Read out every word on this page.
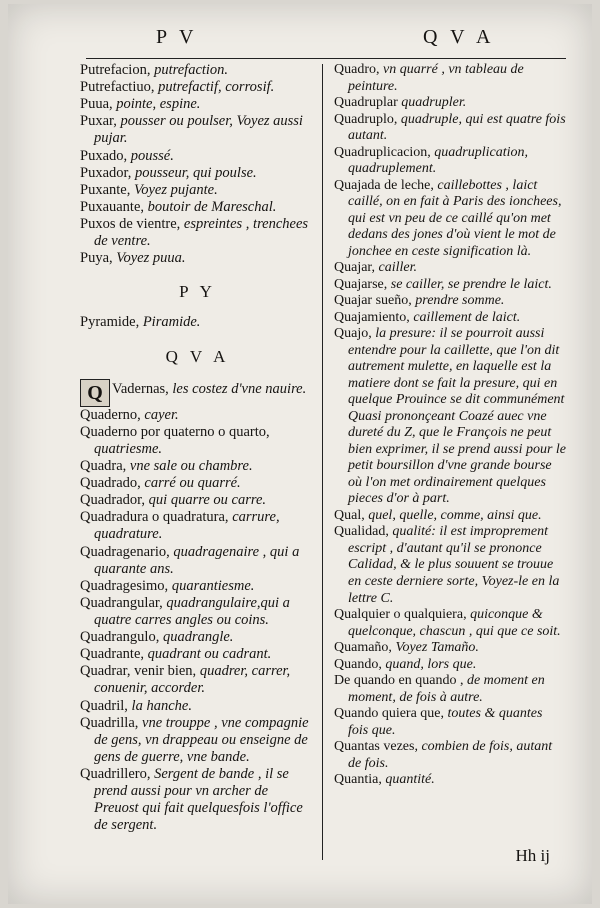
P V	Q V A
Putrefacion, putrefaction.
Putrefactiuo, putrefactif, corrosif.
Puua, pointe, espine.
Puxar, pousser ou poulser, Voyez aussi pujar.
Puxado, poussé.
Puxador, pousseur, qui poulse.
Puxante, Voyez pujante.
Puxauante, boutoir de Mareschal.
Puxos de vientre, espreintes , trenchees de ventre.
Puya, Voyez puua.
P Y
Pyramide, Piramide.
Q V A
Q Vadernas, les costez d'vne nauire.
Quaderno, cayer.
Quaderno por quaterno o quarto, quatriesme.
Quadra, vne sale ou chambre.
Quadrado, carré ou quarré.
Quadrador, qui quarre ou carre.
Quadradura o quadratura, carrure, quadrature.
Quadragenario, quadragenaire , qui a quarante ans.
Quadragesimo, quarantiesme.
Quadrangular, quadrangulaire,qui a quatre carres angles ou coins.
Quadrangulo, quadrangle.
Quadrante, quadrant ou cadrant.
Quadrar, venir bien, quadrer, carrer, conuenir, accorder.
Quadril, la hanche.
Quadrilla, vne trouppe , vne compagnie de gens, vn drappeau ou enseigne de gens de guerre, vne bande.
Quadrillero, Sergent de bande , il se prend aussi pour vn archer de Preuost qui fait quelquesfois l'office de sergent.
Quadro, vn quarré , vn tableau de peinture.
Quadruplar quadrupler.
Quadruplo, quadruple, qui est quatre fois autant.
Quadruplicacion, quadruplication, quadruplement.
Quajada de leche, caillebottes , laict caillé, on en fait à Paris des ionchees, qui est vn peu de ce caillé qu'on met dedans des jones d'où vient le mot de jonchee en ceste signification là.
Quajar, cailler.
Quajarse, se cailler, se prendre le laict.
Quajar sueño, prendre somme.
Quajamiento, caillement de laict.
Quajo, la presure: il se pourroit aussi entendre pour la caillette, que l'on dit autrement mulette, en laquelle est la matiere dont se fait la presure, qui en quelque Prouince se dit communément Quasi prononçeant Coazé auec vne dureté du Z, que le François ne peut bien exprimer, il se prend aussi pour le petit boursillon d'vne grande bourse où l'on met ordinairement quelques pieces d'or à part.
Qual, quel, quelle, comme, ainsi que.
Qualidad, qualité: il est improprement escript , d'autant qu'il se prononce Calidad, & le plus souuent se trouue en ceste derniere sorte, Voyez-le en la lettre C.
Qualquier o qualquiera, quiconque & quelconque, chascun , qui que ce soit.
Quamaño, Voyez Tamaño.
Quando, quand, lors que.
De quando en quando , de moment en moment, de fois à autre.
Quando quiera que, toutes & quantes fois que.
Quantas vezes, combien de fois, autant de fois.
Quantia, quantité.
Hh ij
